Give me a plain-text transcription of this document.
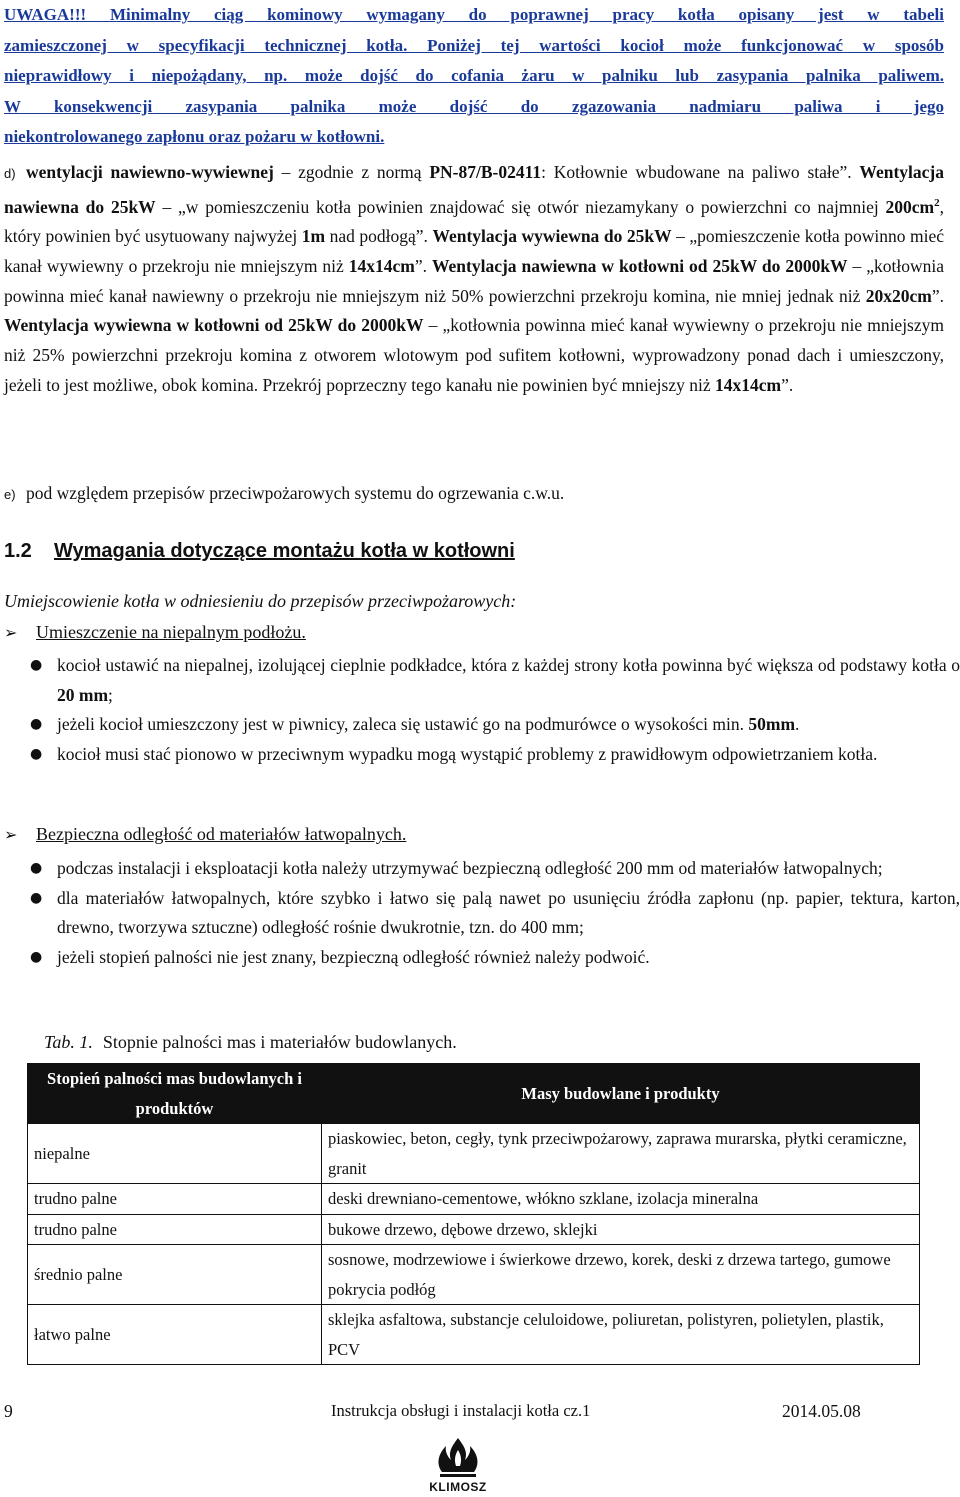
UWAGA!!! Minimalny ciąg kominowy wymagany do poprawnej pracy kotła opisany jest w tabeli
zamieszczonej w specyfikacji technicznej kotła. Poniżej tej wartości kocioł może funkcjonować w sposób
nieprawidłowy i niepożądany, np. może dojść do cofania żaru w palniku lub zasypania palnika paliwem.
W konsekwencji zasypania palnika może dojść do zgazowania nadmiaru paliwa i jego
niekontrolowanego zapłonu oraz pożaru w kotłowni.
d) wentylacji nawiewno-wywiewnej – zgodnie z normą PN-87/B-02411: Kotłownie wbudowane na paliwo stałe”. Wentylacja nawiewna do 25kW – „w pomieszczeniu kotła powinien znajdować się otwór niezamykany o powierzchni co najmniej $200cm^2$, który powinien być usytuowany najwyżej 1m nad podłogą”. Wentylacja wywiewna do 25kW – „pomieszczenie kotła powinno mieć kanał wywiewny o przekroju nie mniejszym niż 14x14cm”. Wentylacja nawiewna w kotłowni od 25kW do 2000kW – „kotłownia powinna mieć kanał nawiewny o przekroju nie mniejszym niż 50% powierzchni przekroju komina, nie mniej jednak niż 20x20cm”. Wentylacja wywiewna w kotłowni od 25kW do 2000kW – „kotłownia powinna mieć kanał wywiewny o przekroju nie mniejszym niż 25% powierzchni przekroju komina z otworem wlotowym pod sufitem kotłowni, wyprowadzony ponad dach i umieszczony, jeżeli to jest możliwe, obok komina. Przekrój poprzeczny tego kanału nie powinien być mniejszy niż 14x14cm”.
e) pod względem przepisów przeciwpożarowych systemu do ogrzewania c.w.u.
1.2 Wymagania dotyczące montażu kotła w kotłowni
Umiejscowienie kotła w odniesieniu do przepisów przeciwpożarowych:
➢ Umieszczenie na niepalnym podłożu.
● kocioł ustawić na niepalnej, izolującej cieplnie podkładce, która z każdej strony kotła powinna być większa od podstawy kotła o 20 mm;
● jeżeli kocioł umieszczony jest w piwnicy, zaleca się ustawić go na podmurówce o wysokości min. 50mm.
● kocioł musi stać pionowo w przeciwnym wypadku mogą wystąpić problemy z prawidłowym odpowietrzaniem kotła.
➢ Bezpieczna odległość od materiałów łatwopalnych.
● podczas instalacji i eksploatacji kotła należy utrzymywać bezpieczną odległość 200 mm od materiałów łatwopalnych;
● dla materiałów łatwopalnych, które szybko i łatwo się palą nawet po usunięciu źródła zapłonu (np. papier, tektura, karton, drewno, tworzywa sztuczne) odległość rośnie dwukrotnie, tzn. do 400 mm;
● jeżeli stopień palności nie jest znany, bezpieczną odległość również należy podwoić.
Tab. 1. Stopnie palności mas i materiałów budowlanych.
Stopień palności mas budowlanych i produktów	Masy budowlane i produkty
niepalne	piaskowiec, beton, cegły, tynk przeciwpożarowy, zaprawa murarska, płytki ceramiczne, granit
trudno palne	deski drewniano-cementowe, włókno szklane, izolacja mineralna
trudno palne	bukowe drzewo, dębowe drzewo, sklejki
średnio palne	sosnowe, modrzewiowe i świerkowe drzewo, korek, deski z drzewa tartego, gumowe pokrycia podłóg
łatwo palne	sklejka asfaltowa, substancje celuloidowe, poliuretan, polistyren, polietylen, plastik, PCV
9	Instrukcja obsługi i instalacji kotła cz.1	2014.05.08
KLIMOSZ
